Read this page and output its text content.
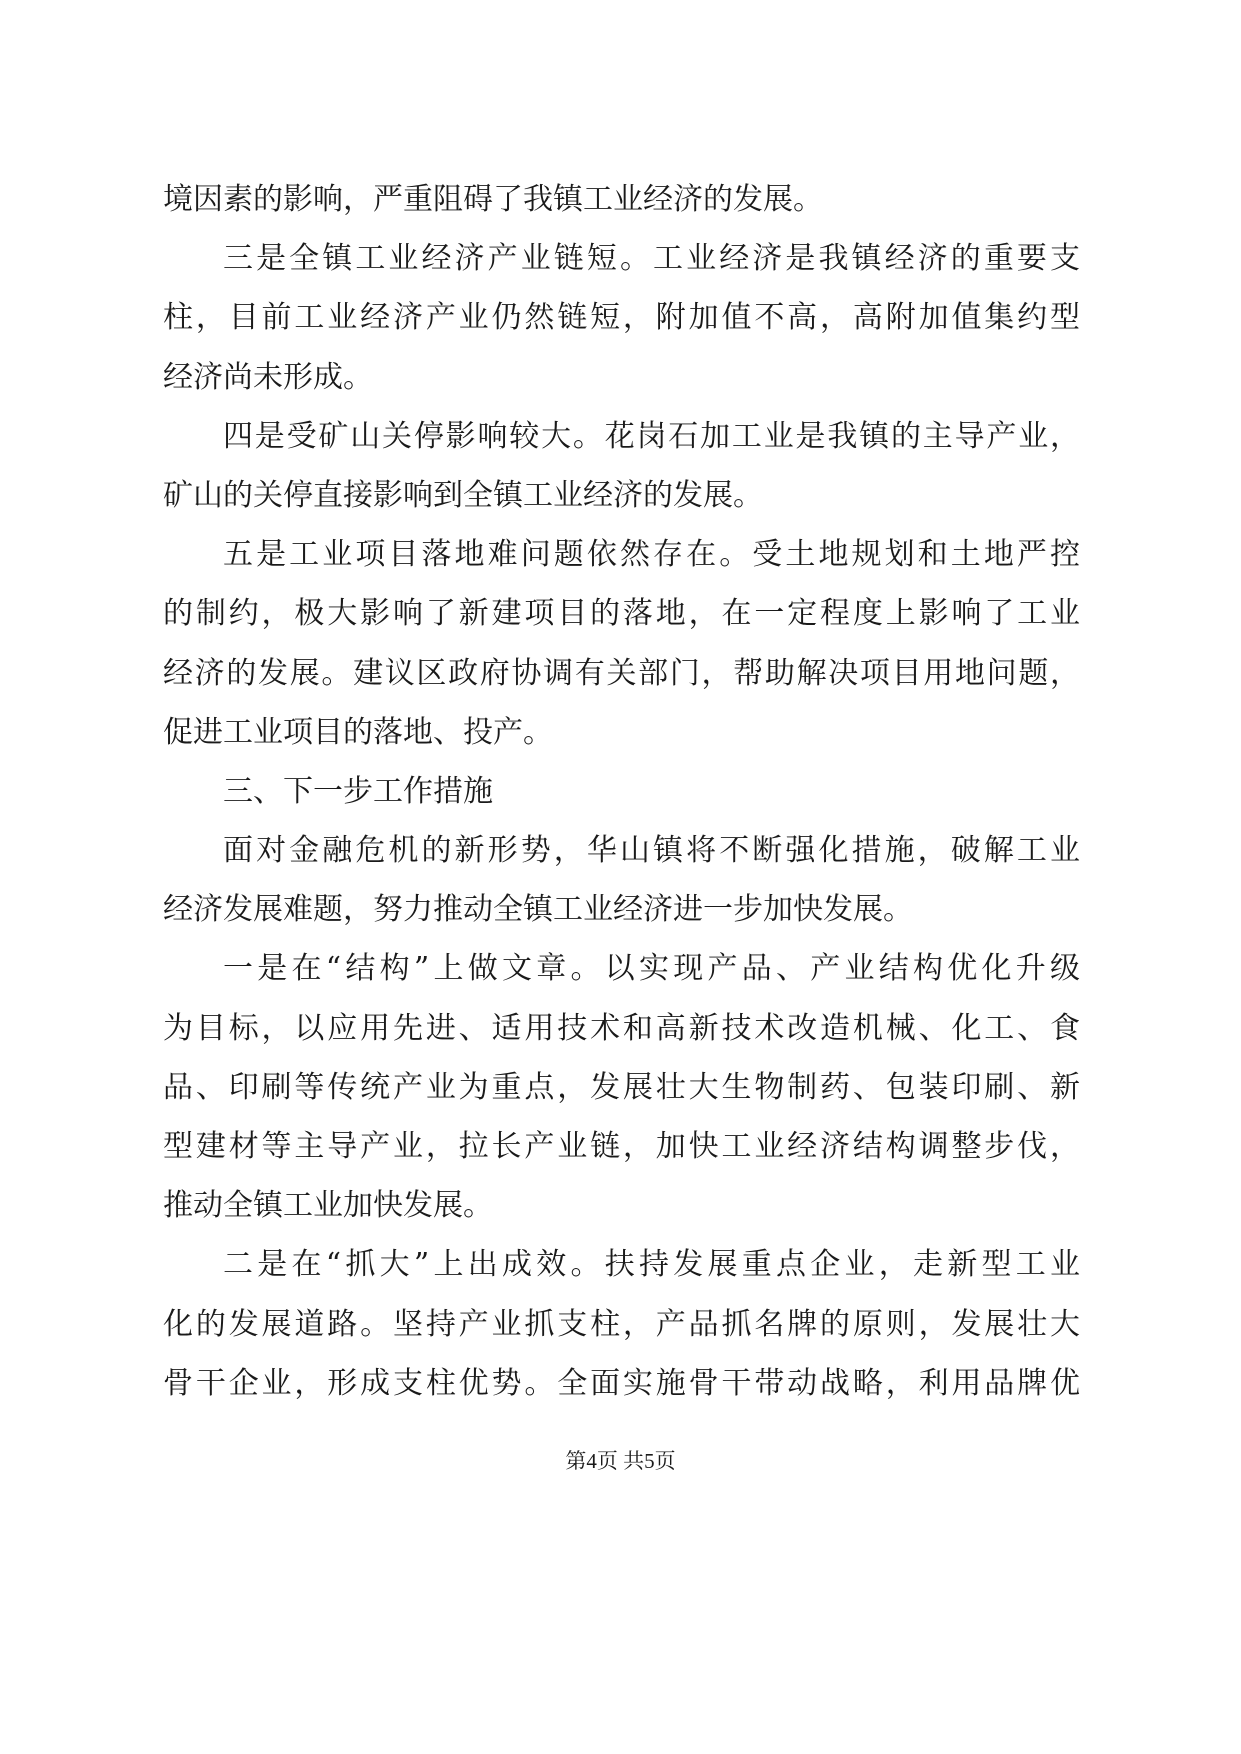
境因素的影响，严重阻碍了我镇工业经济的发展。
三是全镇工业经济产业链短。工业经济是我镇经济的重要支
柱，目前工业经济产业仍然链短，附加值不高，高附加值集约型
经济尚未形成。
四是受矿山关停影响较大。花岗石加工业是我镇的主导产业，
矿山的关停直接影响到全镇工业经济的发展。
五是工业项目落地难问题依然存在。受土地规划和土地严控
的制约，极大影响了新建项目的落地，在一定程度上影响了工业
经济的发展。建议区政府协调有关部门，帮助解决项目用地问题，
促进工业项目的落地、投产。
三、下一步工作措施
面对金融危机的新形势，华山镇将不断强化措施，破解工业
经济发展难题，努力推动全镇工业经济进一步加快发展。
一是在“结构”上做文章。以实现产品、产业结构优化升级
为目标，以应用先进、适用技术和高新技术改造机械、化工、食
品、印刷等传统产业为重点，发展壮大生物制药、包装印刷、新
型建材等主导产业，拉长产业链，加快工业经济结构调整步伐，
推动全镇工业加快发展。
二是在“抓大”上出成效。扶持发展重点企业，走新型工业
化的发展道路。坚持产业抓支柱，产品抓名牌的原则，发展壮大
骨干企业，形成支柱优势。全面实施骨干带动战略，利用品牌优
第4页 共5页
